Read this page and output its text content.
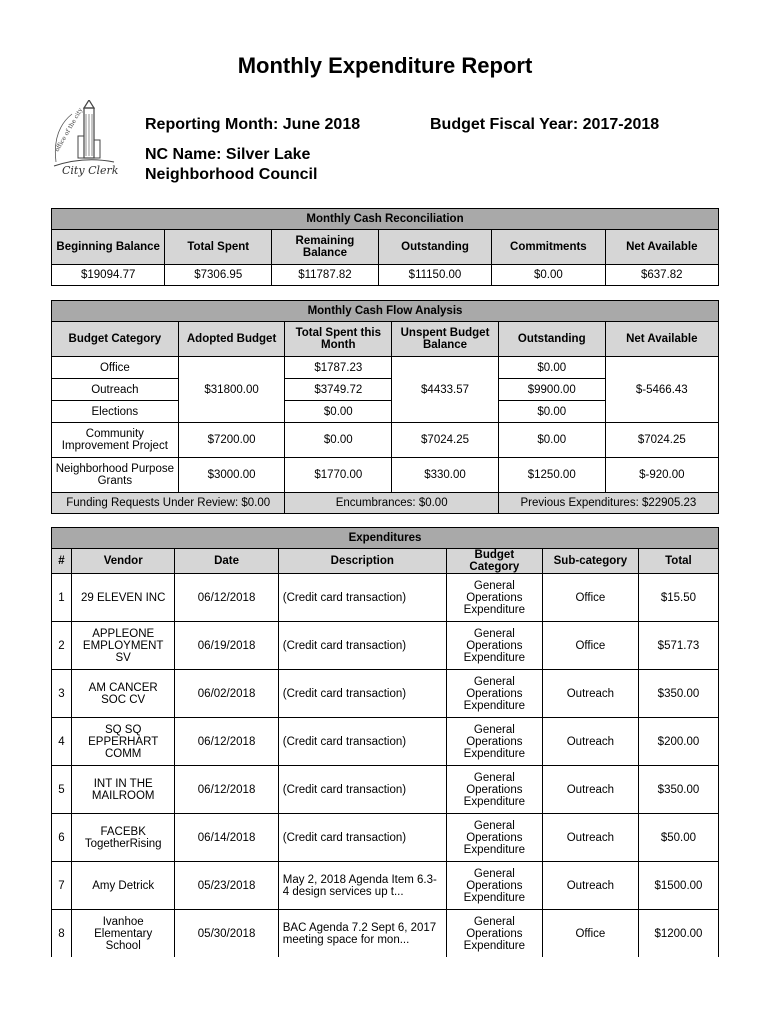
Monthly Expenditure Report
office of the city
City Clerk
Reporting Month: June 2018	Budget Fiscal Year: 2017-2018
NC Name: Silver Lake Neighborhood Council
Monthly Cash Reconciliation					
Beginning Balance	Total Spent	Remaining Balance	Outstanding	Commitments	Net Available
$19094.77	$7306.95	$11787.82	$11150.00	$0.00	$637.82
Monthly Cash Flow Analysis					
Budget Category	Adopted Budget	Total Spent this Month	Unspent Budget Balance	Outstanding	Net Available
Office	$31800.00	$1787.23	$4433.57	$0.00	$-5466.43
Outreach		$3749.72		$9900.00	
Elections		$0.00		$0.00	
Community Improvement Project	$7200.00	$0.00	$7024.25	$0.00	$7024.25
Neighborhood Purpose Grants	$3000.00	$1770.00	$330.00	$1250.00	$-920.00
Funding Requests Under Review: $0.00		Encumbrances: $0.00		Previous Expenditures: $22905.23	
Expenditures						
#	Vendor	Date	Description	Budget Category	Sub-category	Total
1	29 ELEVEN INC	06/12/2018	(Credit card transaction)	General Operations Expenditure	Office	$15.50
2	APPLEONE EMPLOYMENT SV	06/19/2018	(Credit card transaction)	General Operations Expenditure	Office	$571.73
3	AM CANCER SOC CV	06/02/2018	(Credit card transaction)	General Operations Expenditure	Outreach	$350.00
4	SQ SQ EPPERHART COMM	06/12/2018	(Credit card transaction)	General Operations Expenditure	Outreach	$200.00
5	INT IN THE MAILROOM	06/12/2018	(Credit card transaction)	General Operations Expenditure	Outreach	$350.00
6	FACEBK TogetherRising	06/14/2018	(Credit card transaction)	General Operations Expenditure	Outreach	$50.00
7	Amy Detrick	05/23/2018	May 2, 2018 Agenda Item 6.3-4 design services up t...	General Operations Expenditure	Outreach	$1500.00
8	Ivanhoe Elementary School	05/30/2018	BAC Agenda 7.2 Sept 6, 2017 meeting space for mon...	General Operations Expenditure	Office	$1200.00
